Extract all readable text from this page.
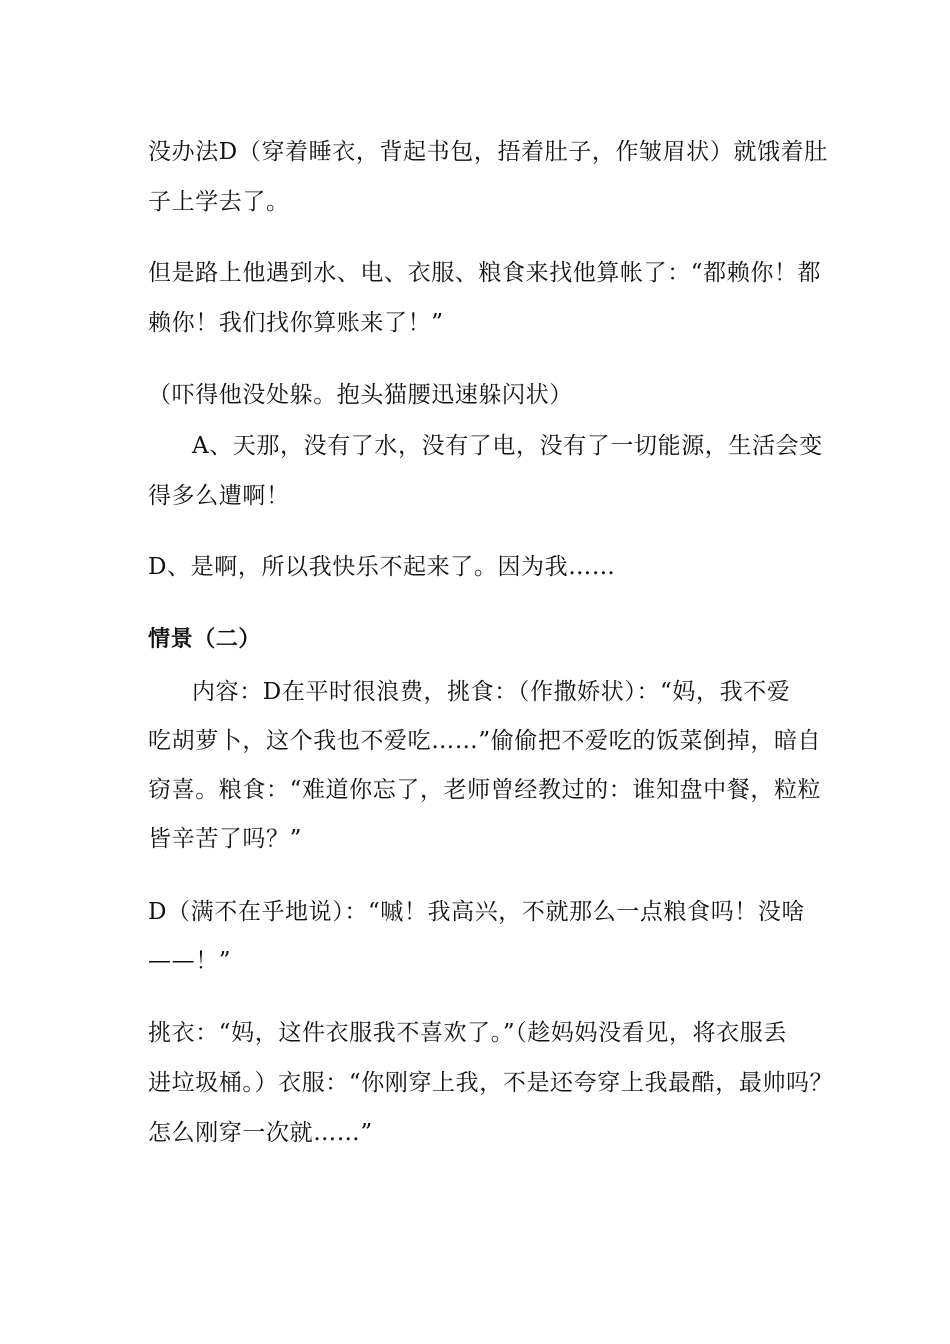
没办法D（穿着睡衣，背起书包，捂着肚子，作皱眉状）就饿着肚
子上学去了。
但是路上他遇到水、电、衣服、粮食来找他算帐了：“都赖你！都
赖你！我们找你算账来了！”
（吓得他没处躲。抱头猫腰迅速躲闪状）
A、天那，没有了水，没有了电，没有了一切能源，生活会变
得多么遭啊！
D、是啊，所以我快乐不起来了。因为我……
情景（二）
内容：D在平时很浪费，挑食：（作撒娇状）：“妈，我不爱
吃胡萝卜，这个我也不爱吃……”偷偷把不爱吃的饭菜倒掉，暗自
窃喜。粮食：“难道你忘了，老师曾经教过的：谁知盘中餐，粒粒
皆辛苦了吗？”
D（满不在乎地说）：“嘁！我高兴，不就那么一点粮食吗！没啥
——！”
挑衣：“妈，这件衣服我不喜欢了。”（趁妈妈没看见，将衣服丢
进垃圾桶。）衣服：“你刚穿上我，不是还夸穿上我最酷，最帅吗？
怎么刚穿一次就……”
